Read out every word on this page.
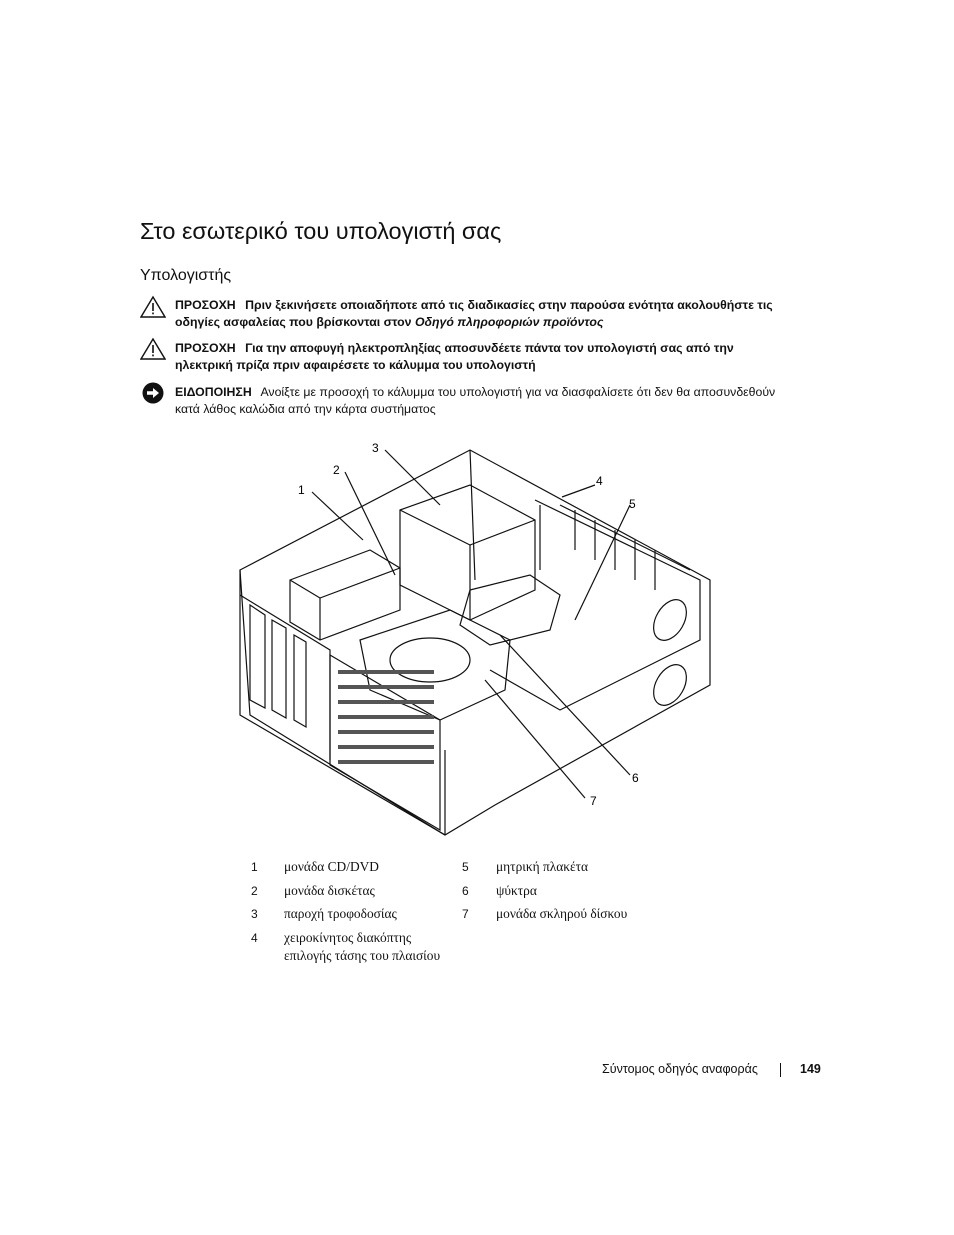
Στο εσωτερικό του υπολογιστή σας
Υπολογιστής
ΠΡΟΣΟΧΗ Πριν ξεκινήσετε οποιαδήποτε από τις διαδικασίες στην παρούσα ενότητα ακολουθήστε τις
οδηγίες ασφαλείας που βρίσκονται στον Οδηγό πληροφοριών προϊόντος
ΠΡΟΣΟΧΗ Για την αποφυγή ηλεκτροπληξίας αποσυνδέετε πάντα τον υπολογιστή σας από την
ηλεκτρική πρίζα πριν αφαιρέσετε το κάλυμμα του υπολογιστή
ΕΙΔΟΠΟΙΗΣΗ Ανοίξτε με προσοχή το κάλυμμα του υπολογιστή για να διασφαλίσετε ότι δεν θα αποσυνδεθούν
κατά λάθος καλώδια από την κάρτα συστήματος
1
2
3
4
5
6
7
1 μονάδα CD/DVD
2 μονάδα δισκέτας
3 παροχή τροφοδοσίας
4 χειροκίνητος διακόπτης
επιλογής τάσης του πλαισίου
5 μητρική πλακέτα
6 ψύκτρα
7 μονάδα σκληρού δίσκου
Σύντομος οδηγός αναφοράς	149
